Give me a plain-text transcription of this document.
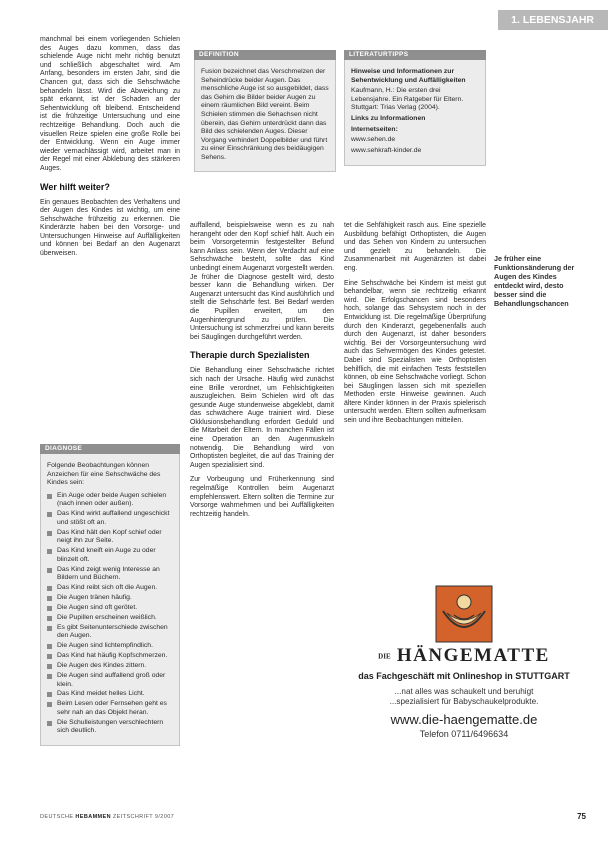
1. LEBENSJAHR

manchmal bei einem vorliegenden Schielen des Auges dazu kommen, dass das schielende Auge nicht mehr richtig benutzt und schließlich abgeschaltet wird. Am Anfang, besonders im ersten Jahr, sind die Chancen gut, dass sich die Sehschwäche behandeln lässt. Wird die Abweichung zu spät erkannt, ist der Schaden an der Sehentwicklung oft bleibend. Entscheidend ist die frühzeitige Untersuchung und eine rechtzeitige Behandlung. Doch auch die visuellen Reize spielen eine große Rolle bei der Entwicklung. Wenn ein Auge immer wieder vernachlässigt wird, arbeitet man in der Regel mit einer Abklebung des stärkeren Auges.

Wer hilft weiter?

Ein genaues Beobachten des Verhaltens und der Augen des Kindes ist wichtig, um eine Sehschwäche frühzeitig zu erkennen. Die Kinderärzte haben bei den Vorsorge- und Untersuchungen Hinweise auf Auffälligkeiten und können bei Bedarf an den Augenarzt überweisen.

DEFINITION
Fusion bezeichnet das Verschmelzen der Seheindrücke beider Augen. Das menschliche Auge ist so ausgebildet, dass das Gehirn die Bilder beider Augen zu einem räumlichen Bild vereint. Beim Schielen stimmen die Sehachsen nicht überein, das Gehirn unterdrückt dann das Bild des schielenden Auges. Dieser Vorgang verhindert Doppelbilder und führt zu einer Einschränkung des beidäugigen Sehens.
LITERATURTIPPS

Hinweise und Informationen zur Sehentwicklung und Auffälligkeiten

Kaufmann, H.: Die ersten drei Lebensjahre. Ein Ratgeber für Eltern. Stuttgart: Trias Verlag (2004).

Links zu Informationen

Internetseiten:

www.sehen.de

www.sehkraft-kinder.de

DIAGNOSE
Folgende Beobachtungen können Anzeichen für eine Sehschwäche des Kindes sein:
Ein Auge oder beide Augen schielen (nach innen oder außen).
Das Kind wirkt auffallend ungeschickt und stößt oft an.
Das Kind hält den Kopf schief oder neigt ihn zur Seite.
Das Kind kneift ein Auge zu oder blinzelt oft.
Das Kind zeigt wenig Interesse an Bildern und Büchern.
Das Kind reibt sich oft die Augen.
Die Augen tränen häufig.
Die Augen sind oft gerötet.
Die Pupillen erscheinen weißlich.
Es gibt Seitenunterschiede zwischen den Augen.
Die Augen sind lichtempfindlich.
Das Kind hat häufig Kopfschmerzen.
Die Augen des Kindes zittern.
Die Augen sind auffallend groß oder klein.
Das Kind meidet helles Licht.
Beim Lesen oder Fernsehen geht es sehr nah an das Objekt heran.
Die Schulleistungen verschlechtern sich deutlich.

auffallend, beispielsweise wenn es zu nah herangeht oder den Kopf schief hält. Auch ein beim Vorsorgetermin festgestellter Befund kann Anlass sein. Wenn der Verdacht auf eine Sehschwäche besteht, sollte das Kind unbedingt einem Augenarzt vorgestellt werden. Je früher die Diagnose gestellt wird, desto besser kann die Behandlung wirken. Der Augenarzt untersucht das Kind ausführlich und stellt die Sehschärfe fest. Bei Bedarf werden die Pupillen erweitert, um den Augenhintergrund zu prüfen. Die Untersuchung ist schmerzfrei und kann bereits bei Säuglingen durchgeführt werden.

Therapie durch Spezialisten

Die Behandlung einer Sehschwäche richtet sich nach der Ursache. Häufig wird zunächst eine Brille verordnet, um Fehlsichtigkeiten auszugleichen. Beim Schielen wird oft das gesunde Auge stundenweise abgeklebt, damit das schwächere Auge trainiert wird. Diese Okklusionsbehandlung erfordert Geduld und die Mitarbeit der Eltern. In manchen Fällen ist eine Operation an den Augenmuskeln notwendig. Die Behandlung wird von Orthoptisten begleitet, die auf das Training der Augen spezialisiert sind.

Zur Vorbeugung und Früherkennung sind regelmäßige Kontrollen beim Augenarzt empfehlenswert. Eltern sollten die Termine zur Vorsorge wahrnehmen und bei Auffälligkeiten rechtzeitig handeln.

tet die Sehfähigkeit rasch aus. Eine spezielle Ausbildung befähigt Orthoptisten, die Augen und das Sehen von Kindern zu untersuchen und gezielt zu behandeln. Die Zusammenarbeit mit Augenärzten ist dabei eng.

Eine Sehschwäche bei Kindern ist meist gut behandelbar, wenn sie rechtzeitig erkannt wird. Die Erfolgschancen sind besonders hoch, solange das Sehsystem noch in der Entwicklung ist. Die regelmäßige Überprüfung durch den Kinderarzt, gegebenenfalls auch durch den Augenarzt, ist daher besonders wichtig. Bei der Vorsorgeuntersuchung wird auch das Sehvermögen des Kindes getestet. Dabei sind Spezialisten wie Orthoptisten behilflich, die mit einfachen Tests feststellen können, ob eine Sehschwäche vorliegt. Schon bei Säuglingen lassen sich mit speziellen Methoden erste Hinweise gewinnen. Auch ältere Kinder können in der Praxis spielerisch untersucht werden. Eltern sollten aufmerksam sein und ihre Beobachtungen mitteilen.

Je früher eine Funktionsänderung der Augen des Kindes entdeckt wird, desto besser sind die Behandlungschancen
DIE HÄNGEMATTE
das Fachgeschäft mit Onlineshop in STUTTGART
...nat alles was schaukelt und beruhigt
...spezialisiert für Babyschaukelprodukte.
www.die-haengematte.de
Telefon 0711/6496634
DEUTSCHE HEBAMMEN ZEITSCHRIFT 9/2007	75
